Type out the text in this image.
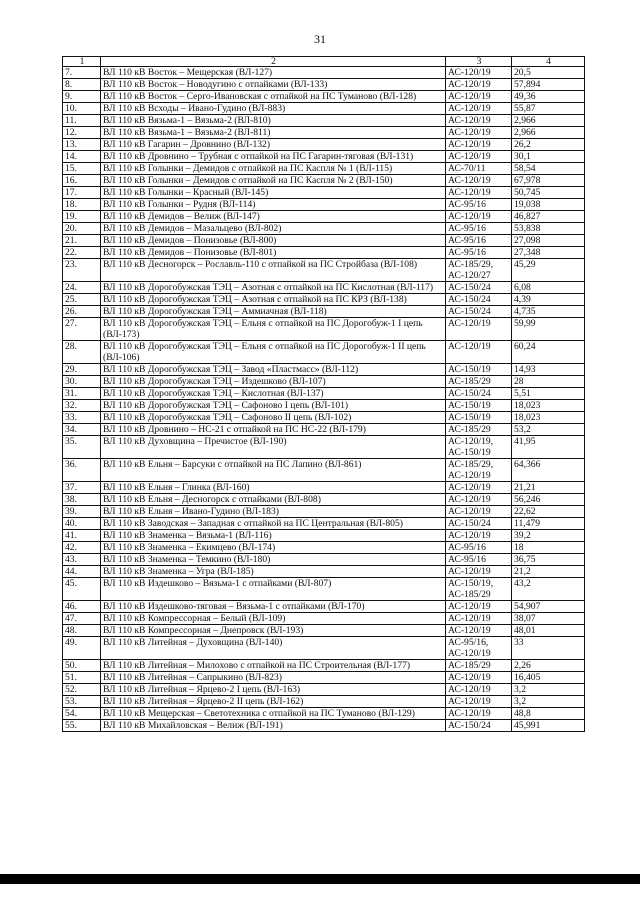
31
1	2	3	4
7.	ВЛ 110 кВ Восток – Мещерская (ВЛ-127)	АС-120/19	20,5
8.	ВЛ 110 кВ Восток – Новодугино с отпайками (ВЛ-133)	АС-120/19	57,894
9.	ВЛ 110 кВ Восток – Серго-Ивановская с отпайкой на ПС Туманово (ВЛ-128)	АС-120/19	49,36
10.	ВЛ 110 кВ Всходы – Ивано-Гудино (ВЛ-883)	АС-120/19	55,87
11.	ВЛ 110 кВ Вязьма-1 – Вязьма-2 (ВЛ-810)	АС-120/19	2,966
12.	ВЛ 110 кВ Вязьма-1 – Вязьма-2 (ВЛ-811)	АС-120/19	2,966
13.	ВЛ 110 кВ Гагарин – Дровнино (ВЛ-132)	АС-120/19	26,2
14.	ВЛ 110 кВ Дровнино – Трубная с отпайкой на ПС Гагарин-тяговая (ВЛ-131)	АС-120/19	30,1
15.	ВЛ 110 кВ Голынки – Демидов с отпайкой на ПС Каспля № 1 (ВЛ-115)	АС-70/11	58,54
16.	ВЛ 110 кВ Голынки – Демидов с отпайкой на ПС Каспля № 2 (ВЛ-150)	АС-120/19	67,978
17.	ВЛ 110 кВ Голынки – Красный (ВЛ-145)	АС-120/19	50,745
18.	ВЛ 110 кВ Голынки – Рудня (ВЛ-114)	АС-95/16	19,038
19.	ВЛ 110 кВ Демидов – Велиж (ВЛ-147)	АС-120/19	46,827
20.	ВЛ 110 кВ Демидов – Мазальцево (ВЛ-802)	АС-95/16	53,838
21.	ВЛ 110 кВ Демидов – Понизовье (ВЛ-800)	АС-95/16	27,098
22.	ВЛ 110 кВ Демидов – Понизовье (ВЛ-801)	АС-95/16	27,348
23.	ВЛ 110 кВ Десногорск – Рославль-110 с отпайкой на ПС Стройбаза (ВЛ-108)	АС-185/29, АС-120/27	45,29
24.	ВЛ 110 кВ Дорогобужская ТЭЦ – Азотная с отпайкой на ПС Кислотная (ВЛ-117)	АС-150/24	6,08
25.	ВЛ 110 кВ Дорогобужская ТЭЦ – Азотная с отпайкой на ПС КРЗ (ВЛ-138)	АС-150/24	4,39
26.	ВЛ 110 кВ Дорогобужская ТЭЦ – Аммиачная (ВЛ-118)	АС-150/24	4,735
27.	ВЛ 110 кВ Дорогобужская ТЭЦ – Ельня с отпайкой на ПС Дорогобуж-1 I цепь (ВЛ-173)	АС-120/19	59,99
28.	ВЛ 110 кВ Дорогобужская ТЭЦ – Ельня с отпайкой на ПС Дорогобуж-1 II цепь (ВЛ-106)	АС-120/19	60,24
29.	ВЛ 110 кВ Дорогобужская ТЭЦ – Завод «Пластмасс» (ВЛ-112)	АС-150/19	14,93
30.	ВЛ 110 кВ Дорогобужская ТЭЦ – Издешково (ВЛ-107)	АС-185/29	28
31.	ВЛ 110 кВ Дорогобужская ТЭЦ – Кислотная (ВЛ-137)	АС-150/24	5,51
32.	ВЛ 110 кВ Дорогобужская ТЭЦ – Сафоново I цепь (ВЛ-101)	АС-150/19	18,023
33.	ВЛ 110 кВ Дорогобужская ТЭЦ – Сафоново II цепь (ВЛ-102)	АС-150/19	18,023
34.	ВЛ 110 кВ Дровнино – НС-21 с отпайкой на ПС НС-22 (ВЛ-179)	АС-185/29	53,2
35.	ВЛ 110 кВ Духовщина – Пречистое (ВЛ-190)	АС-120/19, АС-150/19	41,95
36.	ВЛ 110 кВ Ельня – Барсуки с отпайкой на ПС Лапино (ВЛ-861)	АС-185/29, АС-120/19	64,366
37.	ВЛ 110 кВ Ельня – Глинка (ВЛ-160)	АС-120/19	21,21
38.	ВЛ 110 кВ Ельня – Десногорск с отпайками (ВЛ-808)	АС-120/19	56,246
39.	ВЛ 110 кВ Ельня – Ивано-Гудино (ВЛ-183)	АС-120/19	22,62
40.	ВЛ 110 кВ Заводская – Западная с отпайкой на ПС Центральная (ВЛ-805)	АС-150/24	11,479
41.	ВЛ 110 кВ Знаменка – Вязьма-1 (ВЛ-116)	АС-120/19	39,2
42.	ВЛ 110 кВ Знаменка – Екимцево (ВЛ-174)	АС-95/16	18
43.	ВЛ 110 кВ Знаменка – Темкино (ВЛ-180)	АС-95/16	36,75
44.	ВЛ 110 кВ Знаменка – Угра (ВЛ-185)	АС-120/19	21,2
45.	ВЛ 110 кВ Издешково – Вязьма-1 с отпайками (ВЛ-807)	АС-150/19, АС-185/29	43,2
46.	ВЛ 110 кВ Издешково-тяговая – Вязьма-1 с отпайками (ВЛ-170)	АС-120/19	54,907
47.	ВЛ 110 кВ Компрессорная – Белый (ВЛ-109)	АС-120/19	38,07
48.	ВЛ 110 кВ Компрессорная – Днепровск (ВЛ-193)	АС-120/19	48,01
49.	ВЛ 110 кВ Литейная – Духовщина (ВЛ-140)	АС-95/16, АС-120/19	33
50.	ВЛ 110 кВ Литейная – Милохово с отпайкой на ПС Строительная (ВЛ-177)	АС-185/29	2,26
51.	ВЛ 110 кВ Литейная – Сапрыкино (ВЛ-823)	АС-120/19	16,405
52.	ВЛ 110 кВ Литейная – Ярцево-2 I цепь (ВЛ-163)	АС-120/19	3,2
53.	ВЛ 110 кВ Литейная – Ярцево-2 II цепь (ВЛ-162)	АС-120/19	3,2
54.	ВЛ 110 кВ Мещерская – Светотехника с отпайкой на ПС Туманово (ВЛ-129)	АС-120/19	48,8
55.	ВЛ 110 кВ Михайловская – Велиж (ВЛ-191)	АС-150/24	45,991
